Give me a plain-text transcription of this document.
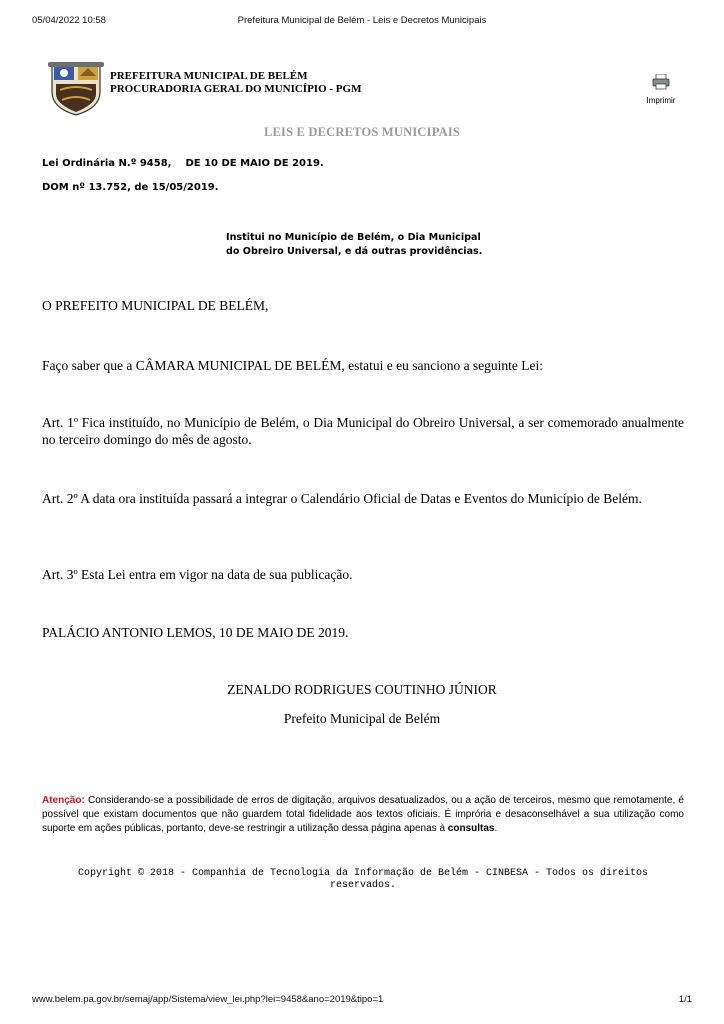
05/04/2022 10:58	Prefeitura Municipal de Belém - Leis e Decretos Municipais
PREFEITURA MUNICIPAL DE BELÉM
PROCURADORIA GERAL DO MUNICÍPIO - PGM
Imprimir
LEIS E DECRETOS MUNICIPAIS
Lei Ordinária N.º 9458, DE 10 DE MAIO DE 2019.
DOM nº 13.752, de 15/05/2019.
Institui no Município de Belém, o Dia Municipal
do Obreiro Universal, e dá outras providências.
O PREFEITO MUNICIPAL DE BELÉM,
Faço saber que a CÂMARA MUNICIPAL DE BELÉM, estatui e eu sanciono a seguinte Lei:
Art. 1º Fica instituído, no Município de Belém, o Dia Municipal do Obreiro Universal, a ser comemorado anualmente no terceiro domingo do mês de agosto.
Art. 2º A data ora instituída passará a integrar o Calendário Oficial de Datas e Eventos do Município de Belém.
Art. 3º Esta Lei entra em vigor na data de sua publicação.
PALÁCIO ANTONIO LEMOS, 10 DE MAIO DE 2019.
ZENALDO RODRIGUES COUTINHO JÚNIOR
Prefeito Municipal de Belém
Atenção: Considerando-se a possibilidade de erros de digitação, arquivos desatualizados, ou a ação de terceiros, mesmo que remotamente, é possível que existam documentos que não guardem total fidelidade aos textos oficiais. É imprória e desaconselhável a sua utilização como suporte em ações públicas, portanto, deve-se restringir a utilização dessa página apenas à consultas.
Copyright © 2018 - Companhia de Tecnologia da Informação de Belém - CINBESA - Todos os direitos reservados.
www.belem.pa.gov.br/semaj/app/Sistema/view_lei.php?lei=9458&ano=2019&tipo=1	1/1
